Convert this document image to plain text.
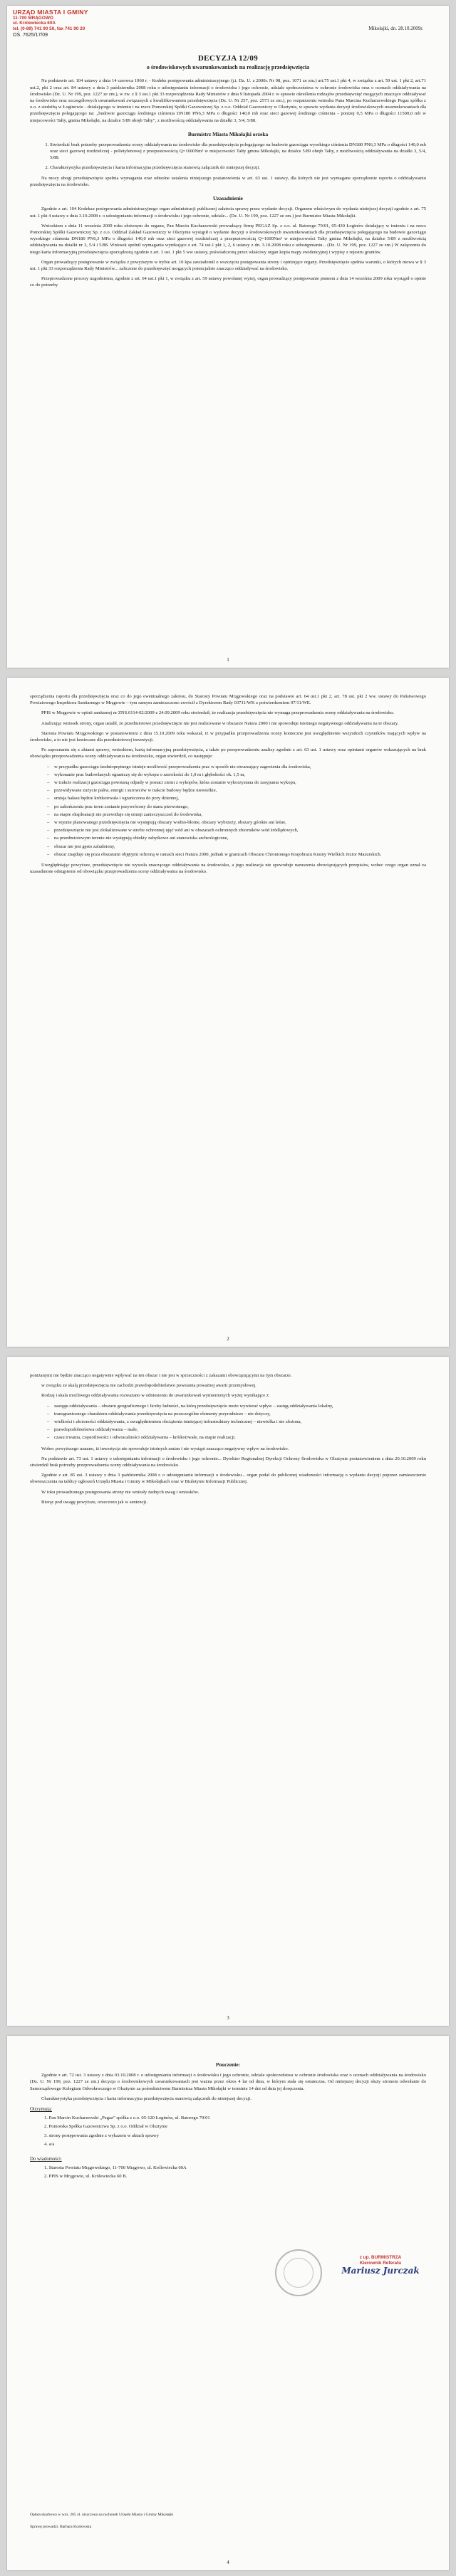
URZĄD MIASTA I GMINY
11-700 MRĄGOWO
ul. Królewiecka 60A
tel. (0-89) 741 90 50, fax 741 90 20
OŚ. 7625/17/09
Mikołajki, dn. 28.10.2009r.
DECYZJA 12/09
o środowiskowych uwarunkowaniach na realizację przedsięwzięcia

Na podstawie art. 104 ustawy z dnia 14 czerwca 1960 r. - Kodeks postępowania administracyjnego (j.t. Dz. U. z 2000r. Nr 98, poz. 1071 ze zm.) art.75 ust.1 pkt 4, w związku z art. 59 ust. 1 pkt 2, art.71 ust.2, pkt 2 oraz art. 84 ustawy z dnia 3 października 2008 roku o udostępnianiu informacji o środowisku i jego ochronie, udziale społeczeństwa w ochronie środowiska oraz o ocenach oddziaływania na środowisko (Dz. U. Nr 199, poz. 1227 ze zm.), w zw. z § 3 ust.1 pkt 33 rozporządzenia Rady Ministrów z dnia 9 listopada 2004 r. w sprawie określenia rodzajów przedsięwzięć mogących znacząco oddziaływać na środowisko oraz szczegółowych uwarunkowań związanych z kwalifikowaniem przedsięwzięcia (Dz. U. Nr 257, poz. 2573 ze zm.), po rozpatrzeniu wniosku Pana Marcina Kucharzewskiego Pegaz spółka z o.o. z siedzibą w Łoginowie - działającego w imieniu i na rzecz Pomorskiej Spółki Gazowniczej Sp. z o.o. Oddział Gazowniczy w Olsztynie, w sprawie wydania decyzji środowiskowych uwarunkowaniach dla przedsięwzięcia polegającego na: „budowie gazociągu średniego ciśnienia DN180 PN6,3 MPa o długości 140,0 mb oraz sieci gazowej średniego ciśnienia - poniżej 0,5 MPa o długości 11500,0 mb w miejscowości Tałty, gmina Mikołajki, na działce 5/89 obręb Tałty”, z możliwością oddziaływania na działki 3, 5/4, 5/88.

Burmistrz Miasta Mikołajki orzeka
1. Stwierdzić brak potrzeby przeprowadzenia oceny oddziaływania na środowisko dla przedsięwzięcia polegającego na budowie gazociągu wysokiego ciśnienia DN180 PN6,3 MPa o długości 140,0 mb oraz sieci gazowej rozdzielczej - polietylenowej z przepustowością Q=1600Nm³ w miejscowości Tałty gmina Mikołajki, na działce 5/89 obręb Tałty, z możliwością oddziaływania na działki 3, 5/4, 5/88.
2. Charakterystyka przedsięwzięcia i karta informacyjna przedsięwzięcia stanowią załącznik do niniejszej decyzji.

Na mocy ubogi przedsięwzięcie spełnia wymagania oraz odnośne ustalenia niniejszego postanowienia w art. 63 ust. 1 ustawy, dla których nie jest wymagane sporządzenie raportu o oddziaływaniu przedsięwzięcia na środowisko.

Uzasadnienie

Zgodnie z art. 104 Kodeksu postępowania administracyjnego organ administracji publicznej załatwia sprawę przez wydanie decyzji. Organem właściwym do wydania niniejszej decyzji zgodnie z art. 75 ust. 1 pkt 4 ustawy z dnia 3.10.2008 r. o udostępnianiu informacji o środowisku i jego ochronie, udziale... (Dz. U. Nr 199, poz. 1227 ze zm.) jest Burmistrz Miasta Mikołajki.

Wnioskiem z dnia 11 września 2009 roku złożonym do organu, Pan Marcin Kucharzewski prowadzący firmę PEGAZ Sp. z o.o. ul. Batorego 79/01, 05-430 Łoginów działający w imieniu i na rzecz Pomorskiej Spółki Gazowniczej Sp. z o.o. Oddział Zakład Gazowniczy w Olsztynie wystąpił o wydanie decyzji o środowiskowych uwarunkowaniach dla przedsięwzięcia polegającego na budowie gazociągu wysokiego ciśnienia DN180 PN6,3 MPa o długości 140,0 mb oraz sieci gazowej rozdzielczej z przepustowością Q=1600Nm³ w miejscowości Tałty gmina Mikołajki, na działce 5/89 z możliwością oddziaływania na działki nr 3, 5/4 i 5/88. Wniosek spełnił wymagania wynikające z art. 74 ust.1 pkt 1, 2, 6 ustawy z dn. 3.10.2008 roku o udostępnianiu... (Dz. U. Nr 199, poz. 1227 ze zm.) W załączeniu do niego karta informacyjną przedsięwzięcia sporządzoną zgodnie z art. 3 ust. 1 pkt 5 ww ustawy, poświadczoną przez właściwy organ kopia mapy ewidencyjnej i wypisy z rejestru gruntów.

Organ prowadzący postępowanie w związku z powyższym w trybie art. 10 kpa zawiadomił o wszczęciu postępowania strony i opiniujące organy. Przedsięwzięcie spełnia warunki, o których mowa w § 3 ust. 1 pkt 33 rozporządzenia Rady Ministrów... zaliczone do przedsięwzięć mogących potencjalnie znacząco oddziaływać na środowisko.

Przeprowadzone procesy uzgodnienia, zgodnie z art. 64 ust.1 pkt 1, w związku z art. 59 ustawy powołanej wyżej, organ prowadzący postępowanie pismem z dnia 14 września 2009 roku wystąpił o opinie co do potrzeby

1

sporządzenia raportu dla przedsięwzięcia oraz co do jego ewentualnego zakresu, do Starosty Powiatu Mrągowskiego oraz na podstawie art. 64 ust.1 pkt 2, art. 78 ust. pkt 2 ww. ustawy do Państwowego Powiatowego Inspektora Sanitarnego w Mrągowie – tym samym zamieszczono zwrócił z Dyrektorem Rady 03711/WK z potwierdzeniem 97/11/WE.

PPIS w Mrągowie w opinii sanitarnej nr ZNS.0114-02/2009 z 24.09.2009 roku stwierdził, że realizacja przedsięwzięcia nie wymaga przeprowadzenia oceny oddziaływania na środowisko.

Analizując wniosek strony, organ ustalił, że przedmiotowe przedsięwzięcie nie jest realizowane w obszarze Natura 2000 i nie spowoduje istotnego negatywnego oddziaływania na te obszary.

Starosta Powiatu Mrągowskiego w postanowieniu z dnia 15.10.2009 roku wskazał, iż w przypadku przeprowadzenia oceny konieczne jest uwzględnienie wszystkich czynników mających wpływ na środowisko, a to nie jest konieczne dla przedmiotowej inwestycji.

Po zapoznaniu się z aktami sprawy, wnioskiem, kartą informacyjną przedsięwzięcia, a także po przeprowadzeniu analizy zgodnie z art. 63 ust. 1 ustawy oraz opiniami organów wskazujących na brak obowiązku przeprowadzenia oceny oddziaływania na środowisko, organ stwierdził, co następuje:

– w przypadku gazociągu średnioprężnego istnieje możliwość przeprowadzenia prac w sposób nie stwarzający zagrożenia dla środowiska,
– wykonanie prac budowlanych ograniczy się do wykopu o szerokości do 1,0 m i głębokości ok. 1,5 m,
– w trakcie realizacji gazociągu powstaną odpady w postaci ziemi z wykopów, która zostanie wykorzystana do zasypania wykopu,
– przewidywane zużycie paliw, energii i surowców w trakcie budowy będzie niewielkie,
– emisja hałasu będzie krótkotrwała i ograniczona do pory dziennej,
– po zakończeniu prac teren zostanie przywrócony do stanu pierwotnego,
– na etapie eksploatacji nie przewiduje się emisji zanieczyszczeń do środowiska,
– w rejonie planowanego przedsięwzięcia nie występują obszary wodno-błotne, obszary wybrzeży, obszary górskie ani leśne,
– przedsięwzięcie nie jest zlokalizowane w strefie ochronnej ujęć wód ani w obszarach ochronnych zbiorników wód śródlądowych,
– na przedmiotowym terenie nie występują obiekty zabytkowe ani stanowiska archeologiczne,
– obszar nie jest gęsto zaludniony,
– obszar znajduje się poza obszarami objętymi ochroną w ramach sieci Natura 2000, jednak w granicach Obszaru Chronionego Krajobrazu Krainy Wielkich Jezior Mazurskich.

Uwzględniając powyższe, przedsięwzięcie nie wywoła znaczącego oddziaływania na środowisko, a jego realizacja nie spowoduje naruszenia obowiązujących przepisów, wobec czego organ uznał za uzasadnione odstąpienie od obowiązku przeprowadzenia oceny oddziaływania na środowisko.

2

poniżanymi nie będzie znacząco negatywnie wpływać na ten obszar i nie jest w sprzeczności z zakazami obowiązującymi na tym obszarze.

w związku ze skalą przedsięwzięcia nie zachodzi prawdopodobieństwo powstania poważnej awarii przemysłowej.

Rodzaj i skala możliwego oddziaływania rozważano w odniesieniu do uwarunkowań wymienionych wyżej wynikające z:

– zasięgu oddziaływania – obszaru geograficznego i liczby ludności, na którą przedsięwzięcie może wywierać wpływ – zasięg oddziaływania lokalny,
– transgranicznego charakteru oddziaływania przedsięwzięcia na poszczególne elementy przyrodnicze – nie dotyczy,
– wielkości i złożoności oddziaływania, z uwzględnieniem obciążenia istniejącej infrastruktury technicznej – niewielka i nie złożona,
– prawdopodobieństwa oddziaływania – małe,
– czasu trwania, częstotliwości i odwracalności oddziaływania – krótkotrwałe, na etapie realizacji.

Wobec powyższego uznano, iż inwestycja nie spowoduje istotnych zmian i nie wystąpi znacząco negatywny wpływ na środowisko.

Na podstawie art. 73 ust. 1 ustawy o udostępnianiu informacji o środowisku i jego ochronie... Dyrektor Regionalnej Dyrekcji Ochrony Środowiska w Olsztynie postanowieniem z dnia 20.10.2009 roku stwierdził brak potrzeby przeprowadzenia oceny oddziaływania na środowisko.

Zgodnie z art. 85 ust. 3 ustawy z dnia 3 października 2008 r. o udostępnianiu informacji o środowisku... organ podał do publicznej wiadomości informację o wydaniu decyzji poprzez zamieszczenie obwieszczenia na tablicy ogłoszeń Urzędu Miasta i Gminy w Mikołajkach oraz w Biuletynie Informacji Publicznej.

W toku prowadzonego postępowania strony nie wniosły żadnych uwag i wniosków.

Biorąc pod uwagę powyższe, orzeczono jak w sentencji.

3
Pouczenie:

Zgodnie z art. 72 ust. 3 ustawy z dnia 03.10.2008 r. o udostępnianiu informacji o środowisku i jego ochronie, udziale społeczeństwa w ochronie środowiska oraz o ocenach oddziaływania na środowisko (Dz. U. Nr 199, poz. 1227 ze zm.) decyzja o środowiskowych uwarunkowaniach jest ważna przez okres 4 lat od dnia, w którym stała się ostateczna. Od niniejszej decyzji służy stronom odwołanie do Samorządowego Kolegium Odwoławczego w Olsztynie za pośrednictwem Burmistrza Miasta Mikołajki w terminie 14 dni od dnia jej doręczenia.

Charakterystyka przedsięwzięcia i karta informacyjna przedsięwzięcia stanowią załącznik do niniejszej decyzji.

Otrzymują:
1. Pan Marcin Kucharzewski „Pegaz” spółka z o.o. 05-120 Łoginów, ul. Batorego 79/01
2. Pomorska Spółka Gazownictwa Sp. z o.o. Oddział w Olsztynie
3. strony postępowania zgodnie z wykazem w aktach sprawy
4. a/a
Do wiadomości:
1. Starosta Powiatu Mrągowskiego, 11-700 Mrągowo, ul. Królewiecka 60A
2. PPIS w Mrągowie, ul. Królewiecka 60 B.
z up. BURMISTRZA
Kierownik Referatu
Mariusz Jurczak
Opłata skarbowa w wys. 205 zł. uiszczona na rachunek Urzędu Miasta i Gminy Mikołajki
Sprawę prowadzi: Barbara Kozłowska
4
